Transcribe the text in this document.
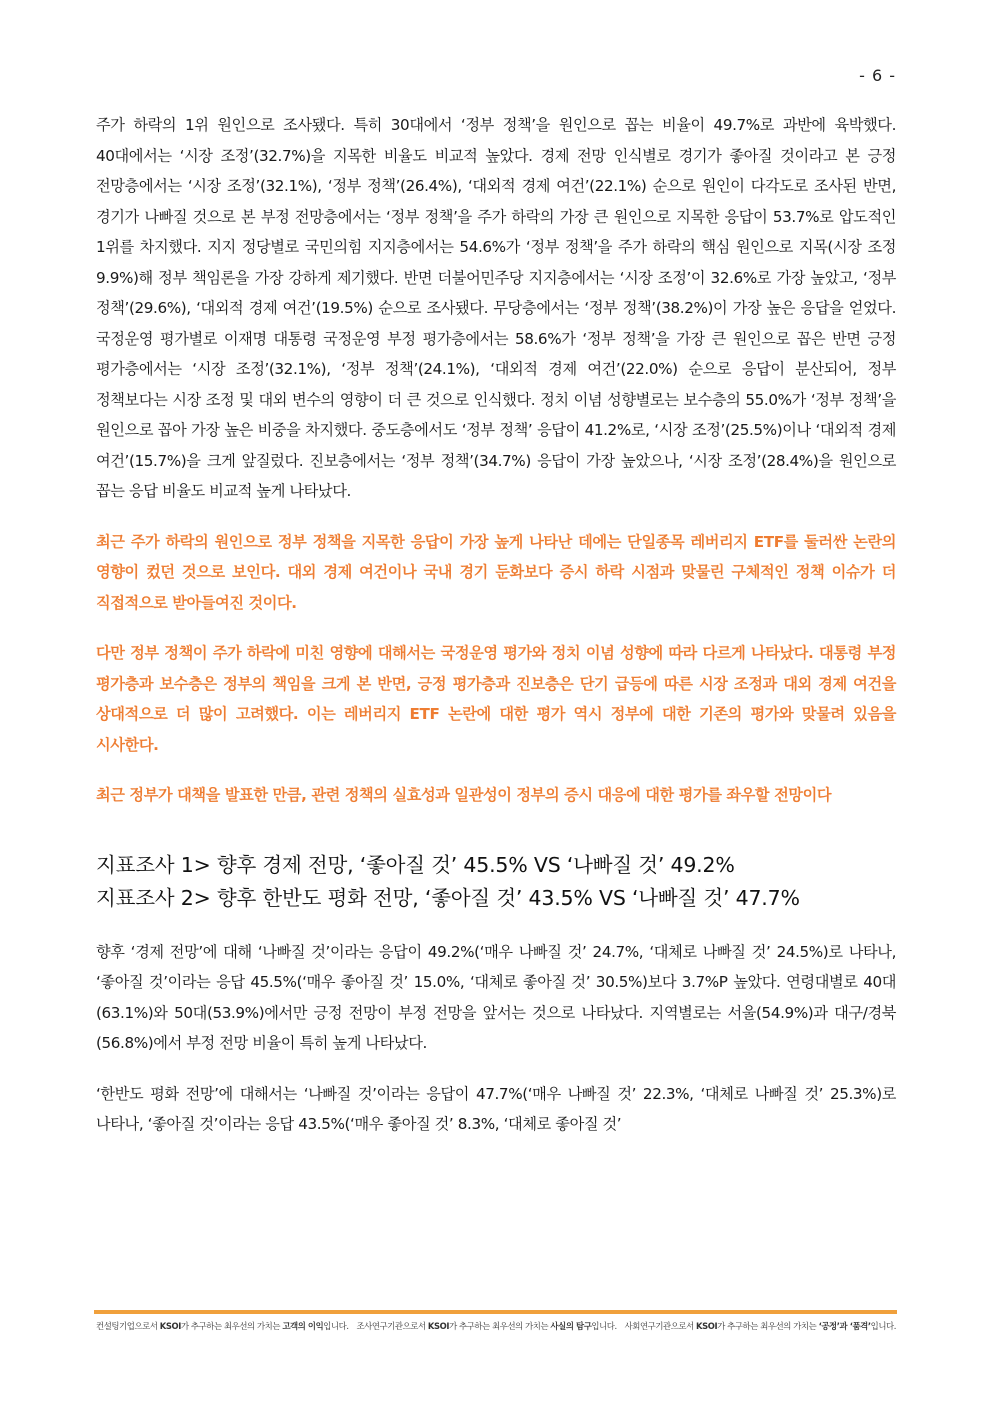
- 6 -

주가 하락의 1위 원인으로 조사됐다. 특히 30대에서 ‘정부 정책’을 원인으로 꼽는 비율이 49.7%로 과반에 육박했다. 40대에서는 ‘시장 조정’(32.7%)을 지목한 비율도 비교적 높았다. 경제 전망 인식별로 경기가 좋아질 것이라고 본 긍정 전망층에서는 ‘시장 조정’(32.1%), ‘정부 정책’(26.4%), ‘대외적 경제 여건’(22.1%) 순으로 원인이 다각도로 조사된 반면, 경기가 나빠질 것으로 본 부정 전망층에서는 ‘정부 정책’을 주가 하락의 가장 큰 원인으로 지목한 응답이 53.7%로 압도적인 1위를 차지했다. 지지 정당별로 국민의힘 지지층에서는 54.6%가 ‘정부 정책’을 주가 하락의 핵심 원인으로 지목(시장 조정 9.9%)해 정부 책임론을 가장 강하게 제기했다. 반면 더불어민주당 지지층에서는 ‘시장 조정’이 32.6%로 가장 높았고, ‘정부 정책’(29.6%), ‘대외적 경제 여건’(19.5%) 순으로 조사됐다. 무당층에서는 ‘정부 정책’(38.2%)이 가장 높은 응답을 얻었다. 국정운영 평가별로 이재명 대통령 국정운영 부정 평가층에서는 58.6%가 ‘정부 정책’을 가장 큰 원인으로 꼽은 반면 긍정 평가층에서는 ‘시장 조정’(32.1%), ‘정부 정책’(24.1%), ‘대외적 경제 여건’(22.0%) 순으로 응답이 분산되어, 정부 정책보다는 시장 조정 및 대외 변수의 영향이 더 큰 것으로 인식했다. 정치 이념 성향별로는 보수층의 55.0%가 ‘정부 정책’을 원인으로 꼽아 가장 높은 비중을 차지했다. 중도층에서도 ‘정부 정책’ 응답이 41.2%로, ‘시장 조정’(25.5%)이나 ‘대외적 경제 여건’(15.7%)을 크게 앞질렀다. 진보층에서는 ‘정부 정책’(34.7%) 응답이 가장 높았으나, ‘시장 조정’(28.4%)을 원인으로 꼽는 응답 비율도 비교적 높게 나타났다.

최근 주가 하락의 원인으로 정부 정책을 지목한 응답이 가장 높게 나타난 데에는 단일종목 레버리지 ETF를 둘러싼 논란의 영향이 컸던 것으로 보인다. 대외 경제 여건이나 국내 경기 둔화보다 증시 하락 시점과 맞물린 구체적인 정책 이슈가 더 직접적으로 받아들여진 것이다.

다만 정부 정책이 주가 하락에 미친 영향에 대해서는 국정운영 평가와 정치 이념 성향에 따라 다르게 나타났다. 대통령 부정 평가층과 보수층은 정부의 책임을 크게 본 반면, 긍정 평가층과 진보층은 단기 급등에 따른 시장 조정과 대외 경제 여건을 상대적으로 더 많이 고려했다. 이는 레버리지 ETF 논란에 대한 평가 역시 정부에 대한 기존의 평가와 맞물려 있음을 시사한다.

최근 정부가 대책을 발표한 만큼, 관련 정책의 실효성과 일관성이 정부의 증시 대응에 대한 평가를 좌우할 전망이다

지표조사 1> 향후 경제 전망, ‘좋아질 것’ 45.5% VS ‘나빠질 것’ 49.2%

지표조사 2> 향후 한반도 평화 전망, ‘좋아질 것’ 43.5% VS ‘나빠질 것’ 47.7%

향후 ‘경제 전망’에 대해 ‘나빠질 것’이라는 응답이 49.2%(‘매우 나빠질 것’ 24.7%, ‘대체로 나빠질 것’ 24.5%)로 나타나, ‘좋아질 것’이라는 응답 45.5%(‘매우 좋아질 것’ 15.0%, ‘대체로 좋아질 것’ 30.5%)보다 3.7%P 높았다. 연령대별로 40대(63.1%)와 50대(53.9%)에서만 긍정 전망이 부정 전망을 앞서는 것으로 나타났다. 지역별로는 서울(54.9%)과 대구/경북(56.8%)에서 부정 전망 비율이 특히 높게 나타났다.

‘한반도 평화 전망’에 대해서는 ‘나빠질 것’이라는 응답이 47.7%(‘매우 나빠질 것’ 22.3%, ‘대체로 나빠질 것’ 25.3%)로 나타나, ‘좋아질 것’이라는 응답 43.5%(‘매우 좋아질 것’ 8.3%, ‘대체로 좋아질 것’

컨설팅기업으로서 KSOI가 추구하는 최우선의 가치는 고객의 이익입니다. 조사연구기관으로서 KSOI가 추구하는 최우선의 가치는 사실의 탐구입니다. 사회연구기관으로서 KSOI가 추구하는 최우선의 가치는 ‘공정’과 ‘품격’입니다.
